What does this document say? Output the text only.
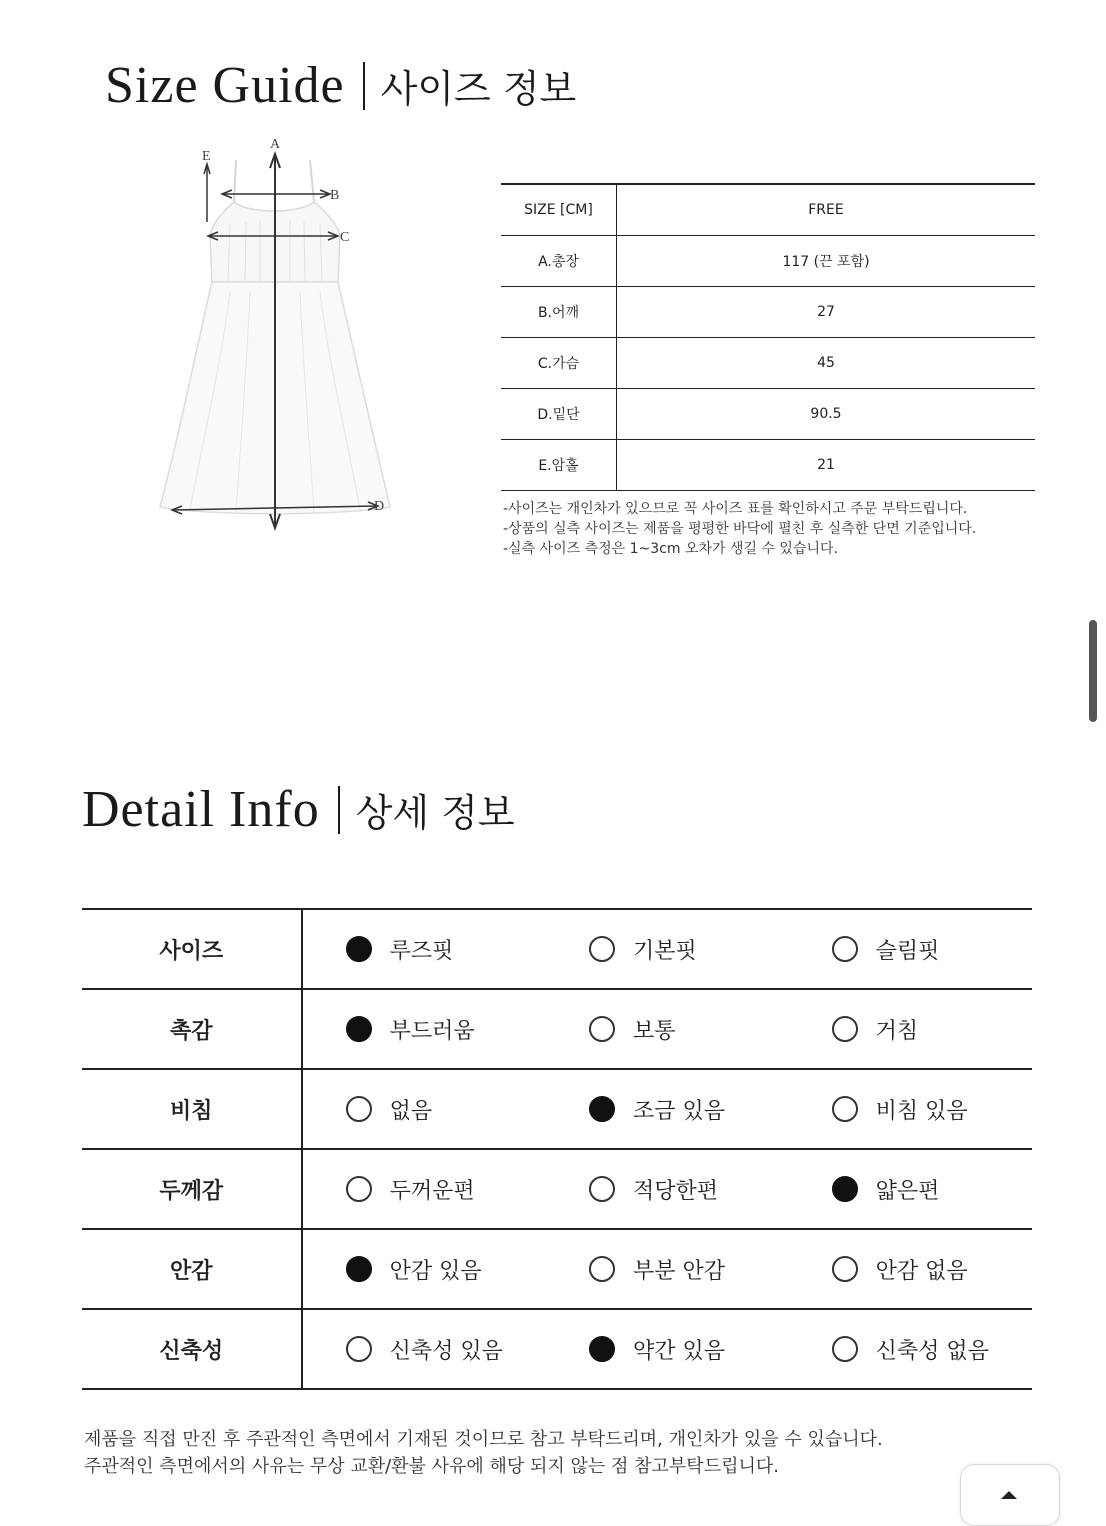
Size Guide 사이즈 정보
A
E
B
C
D
SIZE [CM]	FREE
A.총장	117 (끈 포함)
B.어깨	27
C.가슴	45
D.밑단	90.5
E.암홀	21
-사이즈는 개인차가 있으므로 꼭 사이즈 표를 확인하시고 주문 부탁드립니다.
-상품의 실측 사이즈는 제품을 평평한 바닥에 펼친 후 실측한 단면 기준입니다.
-실측 사이즈 측정은 1~3cm 오차가 생길 수 있습니다.
Detail Info 상세 정보
사이즈	루즈핏	기본핏	슬림핏

촉감	부드러움	보통	거침

비침	없음	조금 있음	비침 있음

두께감	두꺼운편	적당한편	얇은편

안감	안감 있음	부분 안감	안감 없음

신축성	신축성 있음	약간 있음	신축성 없음
제품을 직접 만진 후 주관적인 측면에서 기재된 것이므로 참고 부탁드리며, 개인차가 있을 수 있습니다.
주관적인 측면에서의 사유는 무상 교환/환불 사유에 해당 되지 않는 점 참고부탁드립니다.
